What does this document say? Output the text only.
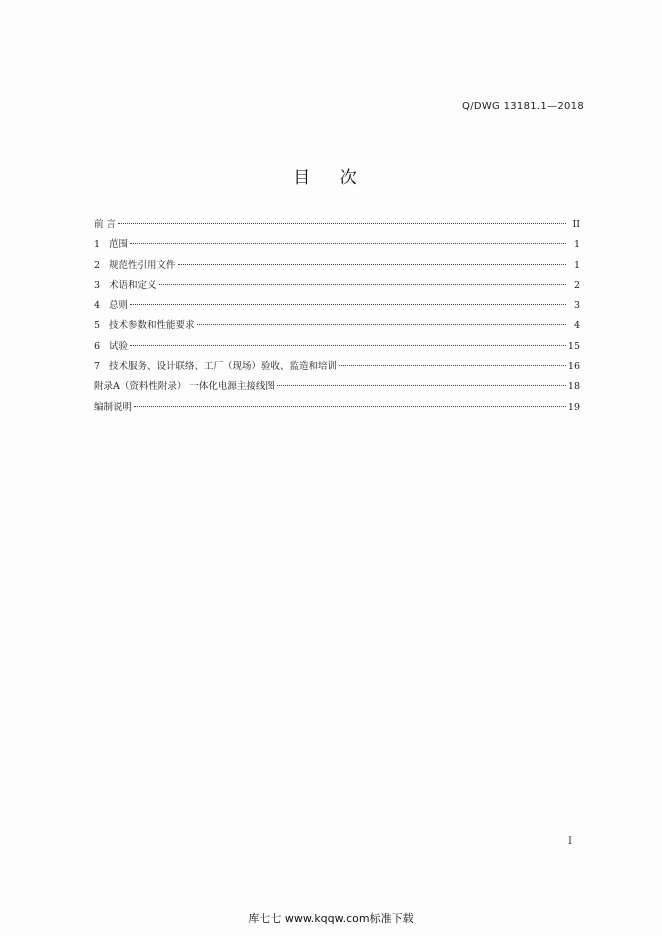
Q/DWG 13181.1—2018
目 次
前 言	II
1 范围	1
2 规范性引用文件	1
3 术语和定义	2
4 总则	3
5 技术参数和性能要求	4
6 试验	15
7 技术服务、设计联络、工厂（现场）验收、监造和培训	16
附录A（资料性附录） 一体化电源主接线图	18
编制说明	19
I
库七七 www.kqqw.com标准下载
